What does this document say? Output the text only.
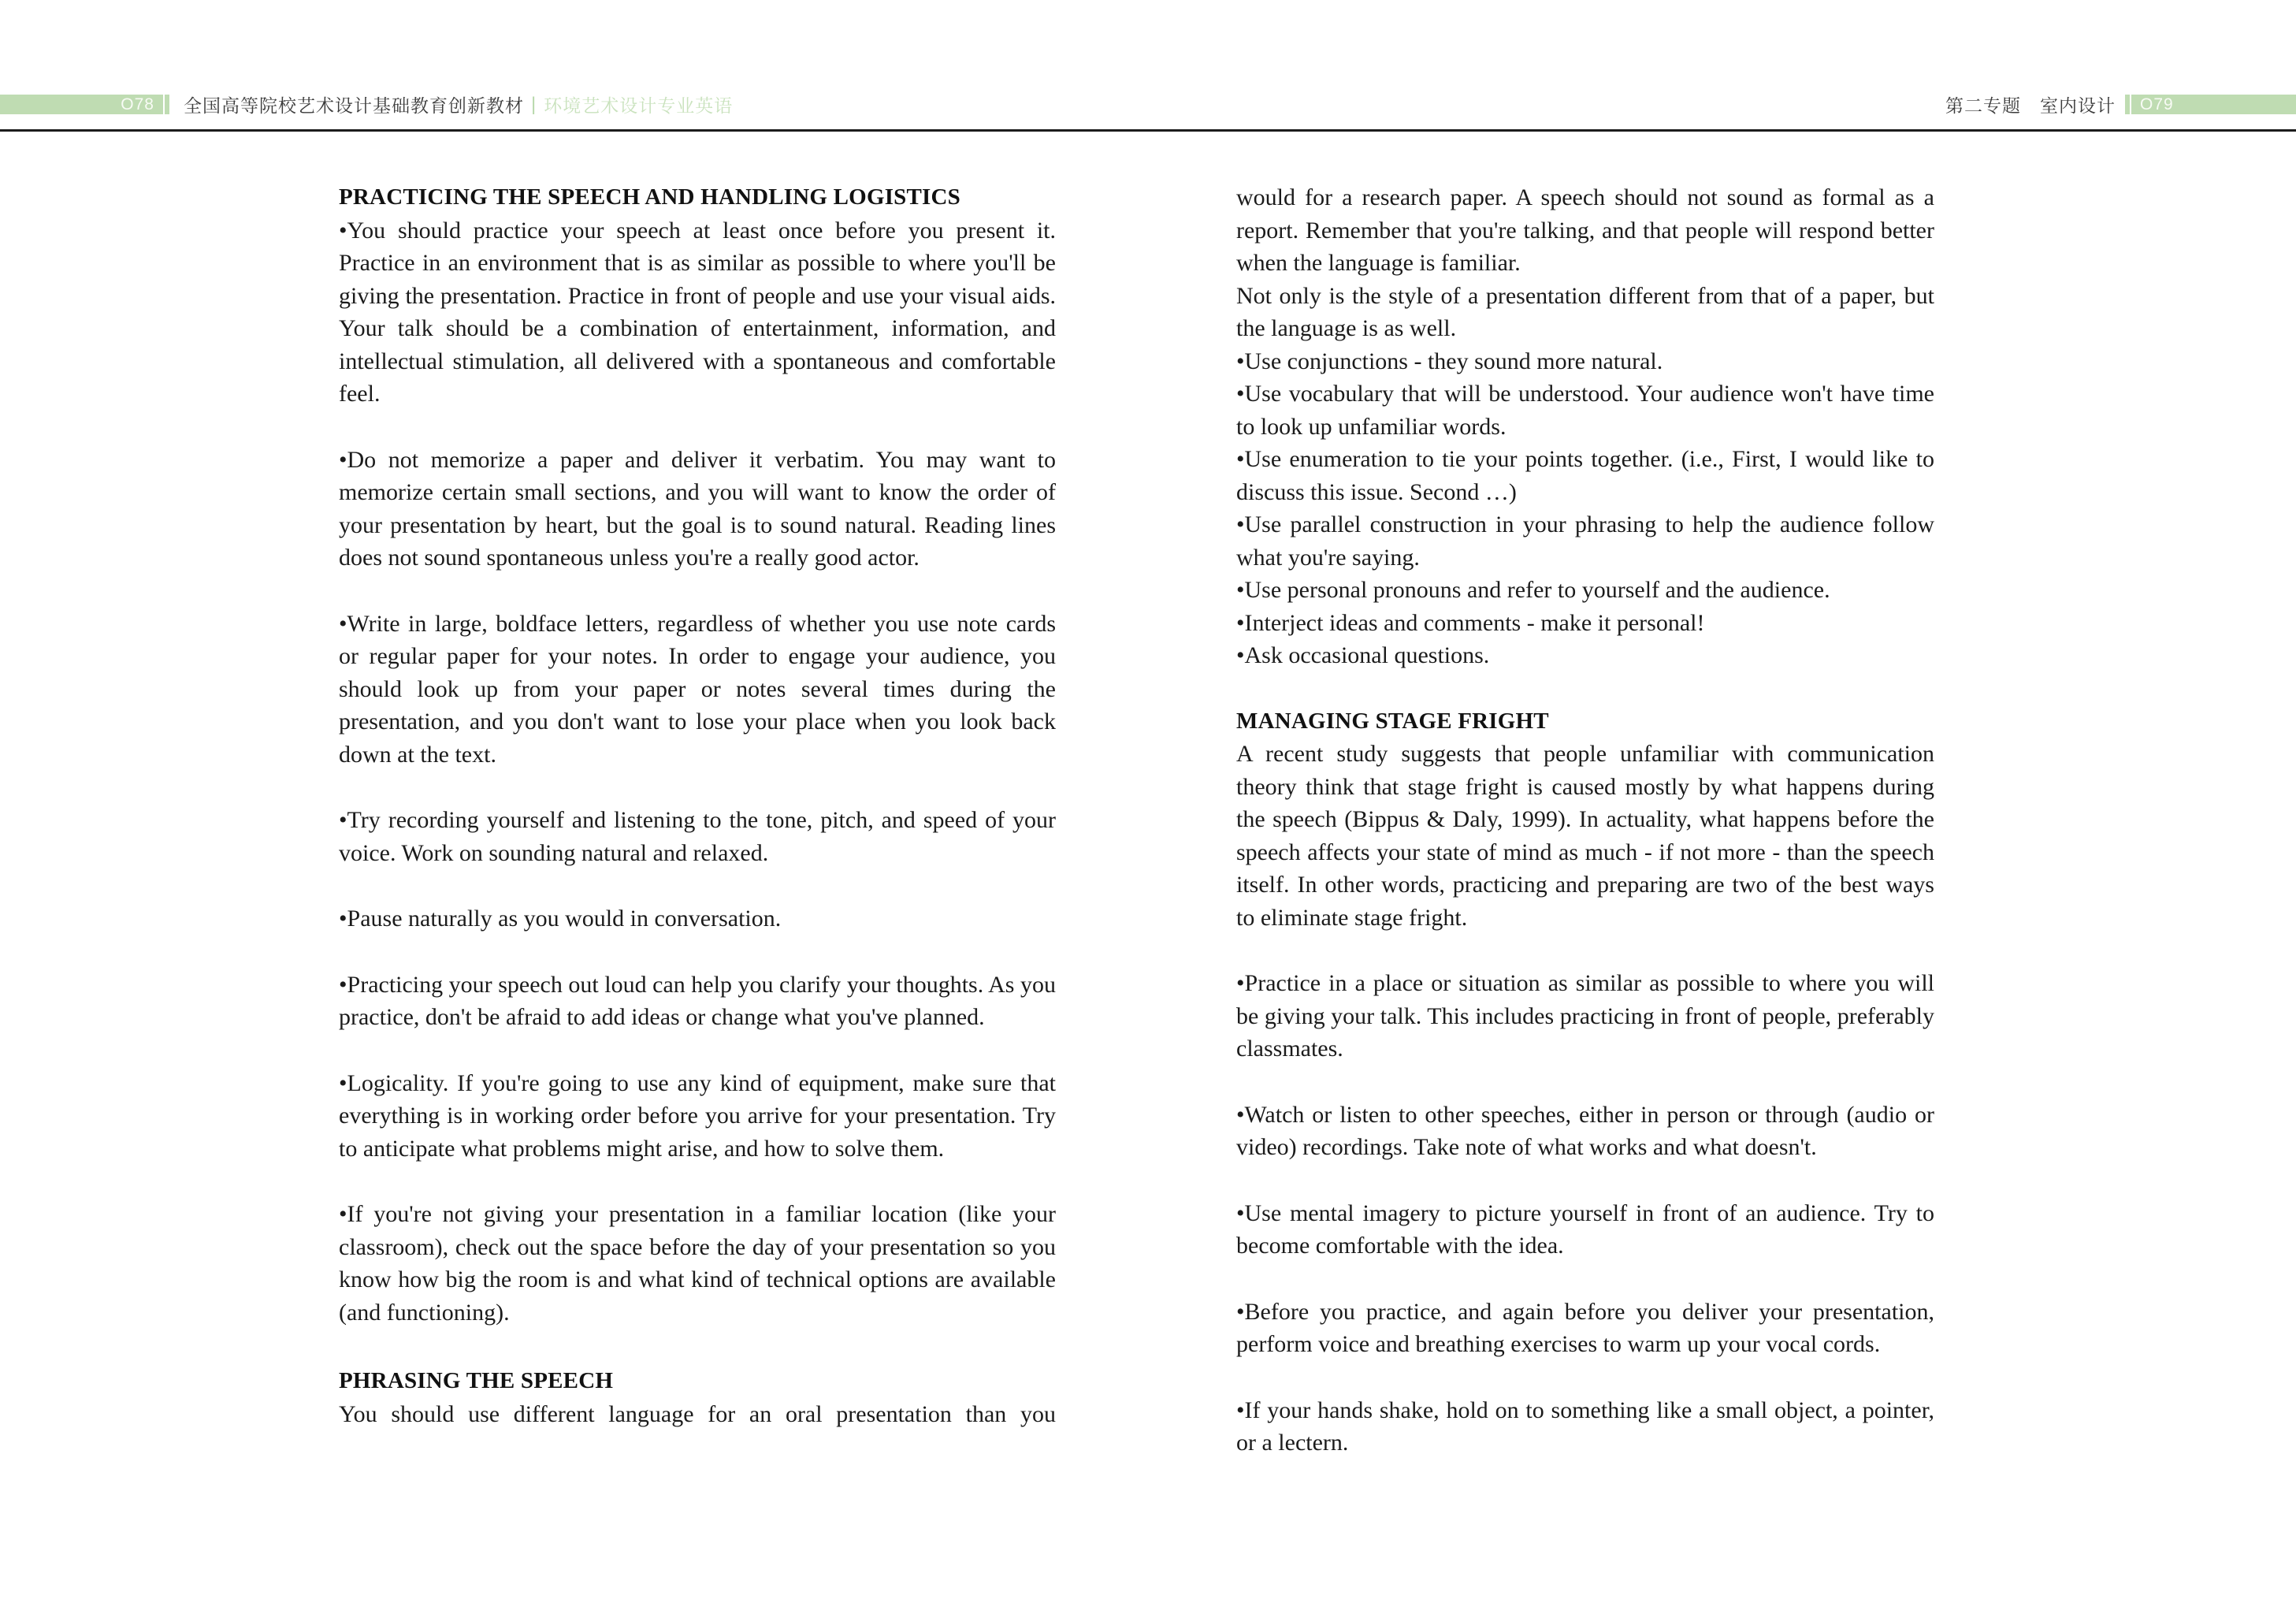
O78 全国高等院校艺术设计基础教育创新教材 | 环境艺术设计专业英语	第二专题　室内设计 O79
PRACTICING THE SPEECH AND HANDLING LOGISTICS

•You should practice your speech at least once before you present it. Practice in an environment that is as similar as possible to where you'll be giving the presentation. Practice in front of people and use your visual aids. Your talk should be a combination of entertainment, information, and intellectual stimulation, all delivered with a spontaneous and comfortable feel.

•Do not memorize a paper and deliver it verbatim. You may want to memorize certain small sections, and you will want to know the order of your presentation by heart, but the goal is to sound natural. Reading lines does not sound spontaneous unless you're a really good actor.

•Write in large, boldface letters, regardless of whether you use note cards or regular paper for your notes. In order to engage your audience, you should look up from your paper or notes several times during the presentation, and you don't want to lose your place when you look back down at the text.

•Try recording yourself and listening to the tone, pitch, and speed of your voice. Work on sounding natural and relaxed.

•Pause naturally as you would in conversation.

•Practicing your speech out loud can help you clarify your thoughts. As you practice, don't be afraid to add ideas or change what you've planned.

•Logicality. If you're going to use any kind of equipment, make sure that everything is in working order before you arrive for your presentation. Try to anticipate what problems might arise, and how to solve them.

•If you're not giving your presentation in a familiar location (like your classroom), check out the space before the day of your presentation so you know how big the room is and what kind of technical options are available (and functioning).

PHRASING THE SPEECH

You should use different language for an oral presentation than you

would for a research paper. A speech should not sound as formal as a report. Remember that you're talking, and that people will respond better when the language is familiar.

Not only is the style of a presentation different from that of a paper, but the language is as well.

•Use conjunctions - they sound more natural.

•Use vocabulary that will be understood. Your audience won't have time to look up unfamiliar words.

•Use enumeration to tie your points together. (i.e., First, I would like to discuss this issue. Second …)

•Use parallel construction in your phrasing to help the audience follow what you're saying.

•Use personal pronouns and refer to yourself and the audience.

•Interject ideas and comments - make it personal!

•Ask occasional questions.

MANAGING STAGE FRIGHT

A recent study suggests that people unfamiliar with communication theory think that stage fright is caused mostly by what happens during the speech (Bippus & Daly, 1999). In actuality, what happens before the speech affects your state of mind as much - if not more - than the speech itself. In other words, practicing and preparing are two of the best ways to eliminate stage fright.

•Practice in a place or situation as similar as possible to where you will be giving your talk. This includes practicing in front of people, preferably classmates.

•Watch or listen to other speeches, either in person or through (audio or video) recordings. Take note of what works and what doesn't.

•Use mental imagery to picture yourself in front of an audience. Try to become comfortable with the idea.

•Before you practice, and again before you deliver your presentation, perform voice and breathing exercises to warm up your vocal cords.

•If your hands shake, hold on to something like a small object, a pointer, or a lectern.
